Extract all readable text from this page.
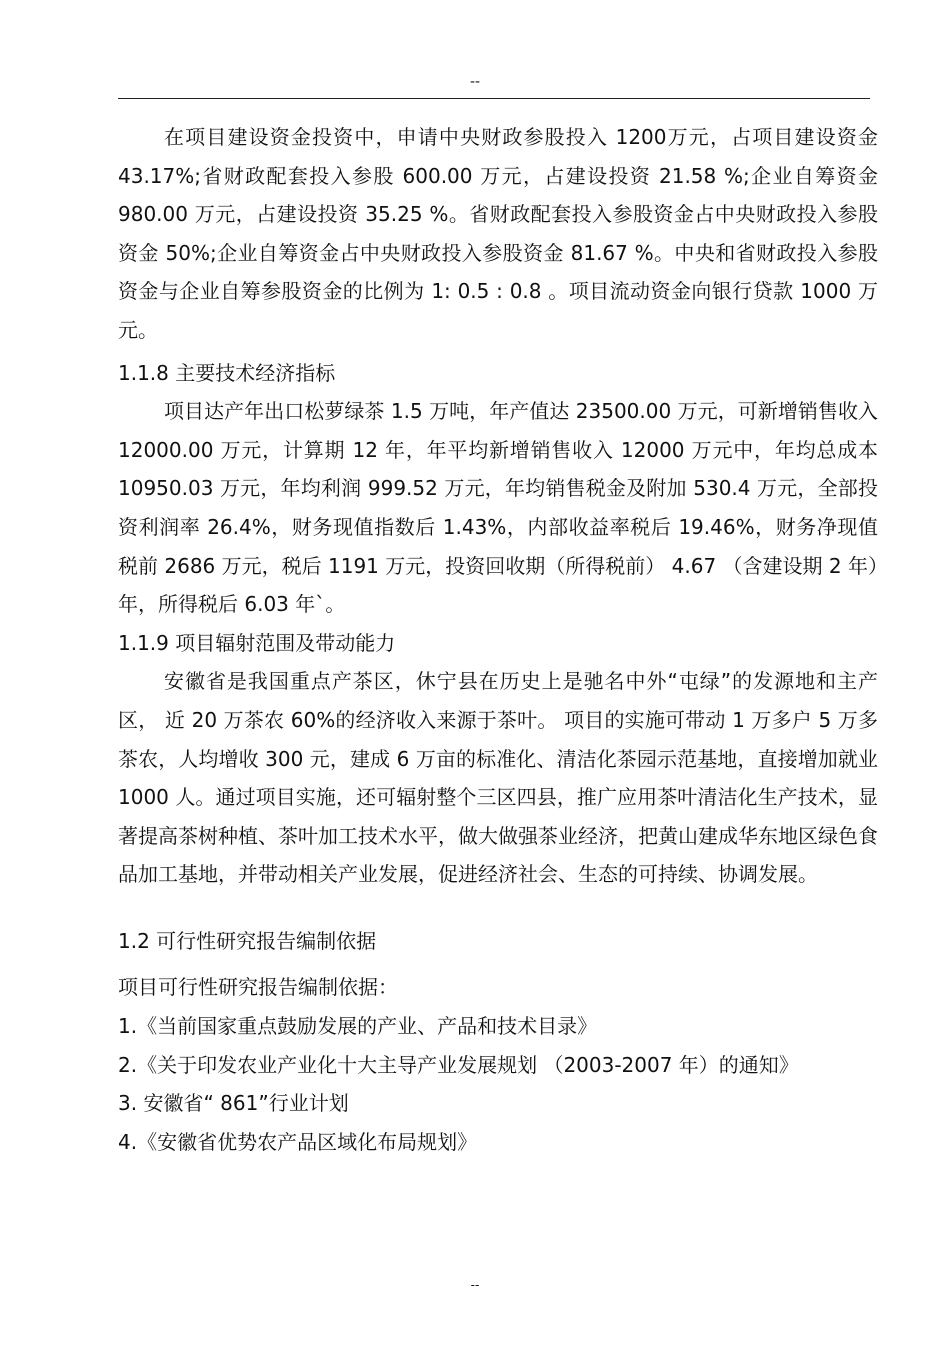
--

在项目建设资金投资中，申请中央财政参股投入 1200万元，占项目建设资金 43.17%;省财政配套投入参股 600.00 万元，占建设投资 21.58 %;企业自筹资金 980.00 万元，占建设投资 35.25 %。省财政配套投入参股资金占中央财政投入参股资金 50%;企业自筹资金占中央财政投入参股资金 81.67 %。中央和省财政投入参股资金与企业自筹参股资金的比例为 1: 0.5 : 0.8 。项目流动资金向银行贷款 1000 万元。

1.1.8 主要技术经济指标

项目达产年出口松萝绿茶 1.5 万吨，年产值达 23500.00 万元，可新增销售收入 12000.00 万元，计算期 12 年，年平均新增销售收入 12000 万元中，年均总成本 10950.03 万元，年均利润 999.52 万元，年均销售税金及附加 530.4 万元，全部投资利润率 26.4%，财务现值指数后 1.43%，内部收益率税后 19.46%，财务净现值税前 2686 万元，税后 1191 万元，投资回收期（所得税前） 4.67 （含建设期 2 年）年，所得税后 6.03 年`。

1.1.9 项目辐射范围及带动能力

安徽省是我国重点产茶区，休宁县在历史上是驰名中外“屯绿”的发源地和主产区， 近 20 万茶农 60%的经济收入来源于茶叶。 项目的实施可带动 1 万多户 5 万多茶农，人均增收 300 元，建成 6 万亩的标准化、清洁化茶园示范基地，直接增加就业 1000 人。通过项目实施，还可辐射整个三区四县，推广应用茶叶清洁化生产技术，显著提高茶树种植、茶叶加工技术水平，做大做强茶业经济，把黄山建成华东地区绿色食品加工基地，并带动相关产业发展，促进经济社会、生态的可持续、协调发展。

1.2 可行性研究报告编制依据

项目可行性研究报告编制依据：

1.《当前国家重点鼓励发展的产业、产品和技术目录》

2.《关于印发农业产业化十大主导产业发展规划 （2003-2007 年）的通知》

3. 安徽省“ 861”行业计划

4.《安徽省优势农产品区域化布局规划》

--
